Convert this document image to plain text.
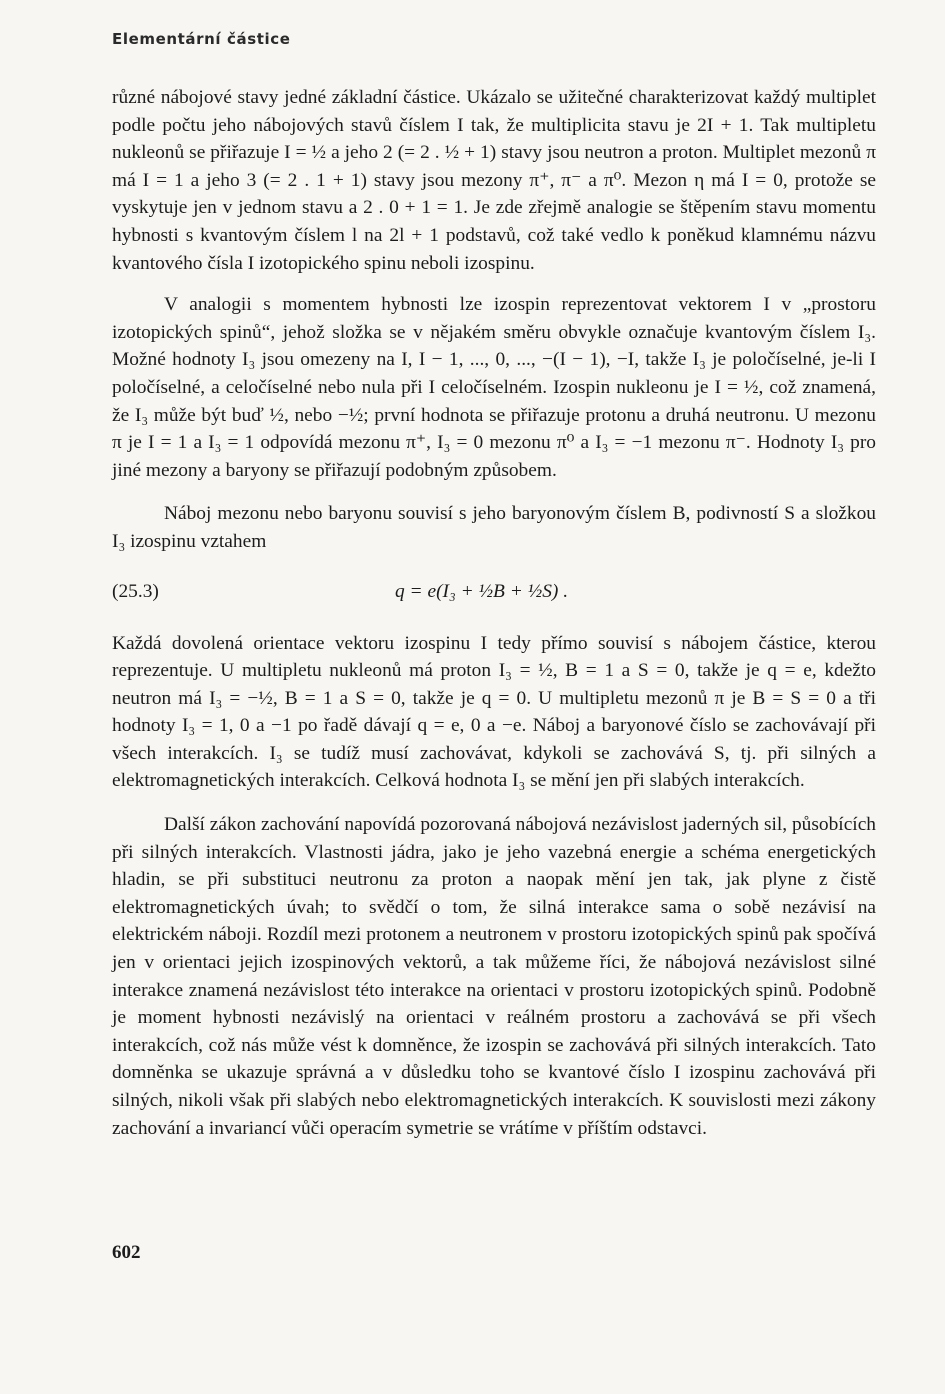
Elementární částice

různé nábojové stavy jedné základní částice. Ukázalo se užitečné charakterizovat každý multiplet podle počtu jeho nábojových stavů číslem I tak, že multiplicita stavu je 2I + 1. Tak multipletu nukleonů se přiřazuje I = ½ a jeho 2 (= 2 . ½ + 1) stavy jsou neutron a proton. Multiplet mezonů π má I = 1 a jeho 3 (= 2 . 1 + 1) stavy jsou mezony π⁺, π⁻ a π⁰. Mezon η má I = 0, protože se vyskytuje jen v jednom stavu a 2 . 0 + 1 = 1. Je zde zřejmě analogie se štěpením stavu momentu hybnosti s kvantovým číslem l na 2l + 1 podstavů, což také vedlo k poněkud klamnému názvu kvantového čísla I izotopického spinu neboli izospinu.

V analogii s momentem hybnosti lze izospin reprezentovat vektorem I v „prostoru izotopických spinů“, jehož složka se v nějakém směru obvykle označuje kvantovým číslem I₃. Možné hodnoty I₃ jsou omezeny na I, I − 1, ..., 0, ..., −(I − 1), −I, takže I₃ je poločíselné, je-li I poločíselné, a celočíselné nebo nula při I celočíselném. Izospin nukleonu je I = ½, což znamená, že I₃ může být buď ½, nebo −½; první hodnota se přiřazuje protonu a druhá neutronu. U mezonu π je I = 1 a I₃ = 1 odpovídá mezonu π⁺, I₃ = 0 mezonu π⁰ a I₃ = −1 mezonu π⁻. Hodnoty I₃ pro jiné mezony a baryony se přiřazují podobným způsobem.

Náboj mezonu nebo baryonu souvisí s jeho baryonovým číslem B, podivností S a složkou I₃ izospinu vztahem

(25.3)	q = e(I₃ + ½B + ½S) .

Každá dovolená orientace vektoru izospinu I tedy přímo souvisí s nábojem částice, kterou reprezentuje. U multipletu nukleonů má proton I₃ = ½, B = 1 a S = 0, takže je q = e, kdežto neutron má I₃ = −½, B = 1 a S = 0, takže je q = 0. U multipletu mezonů π je B = S = 0 a tři hodnoty I₃ = 1, 0 a −1 po řadě dávají q = e, 0 a −e. Náboj a baryonové číslo se zachovávají při všech interakcích. I₃ se tudíž musí zachovávat, kdykoli se zachovává S, tj. při silných a elektromagnetických interakcích. Celková hodnota I₃ se mění jen při slabých interakcích.

Další zákon zachování napovídá pozorovaná nábojová nezávislost jaderných sil, působících při silných interakcích. Vlastnosti jádra, jako je jeho vazebná energie a schéma energetických hladin, se při substituci neutronu za proton a naopak mění jen tak, jak plyne z čistě elektromagnetických úvah; to svědčí o tom, že silná interakce sama o sobě nezávisí na elektrickém náboji. Rozdíl mezi protonem a neutronem v prostoru izotopických spinů pak spočívá jen v orientaci jejich izospinových vektorů, a tak můžeme říci, že nábojová nezávislost silné interakce znamená nezávislost této interakce na orientaci v prostoru izotopických spinů. Podobně je moment hybnosti nezávislý na orientaci v reálném prostoru a zachovává se při všech interakcích, což nás může vést k domněnce, že izospin se zachovává při silných interakcích. Tato domněnka se ukazuje správná a v důsledku toho se kvantové číslo I izospinu zachovává při silných, nikoli však při slabých nebo elektromagnetických interakcích. K souvislosti mezi zákony zachování a invariancí vůči operacím symetrie se vrátíme v příštím odstavci.

602
